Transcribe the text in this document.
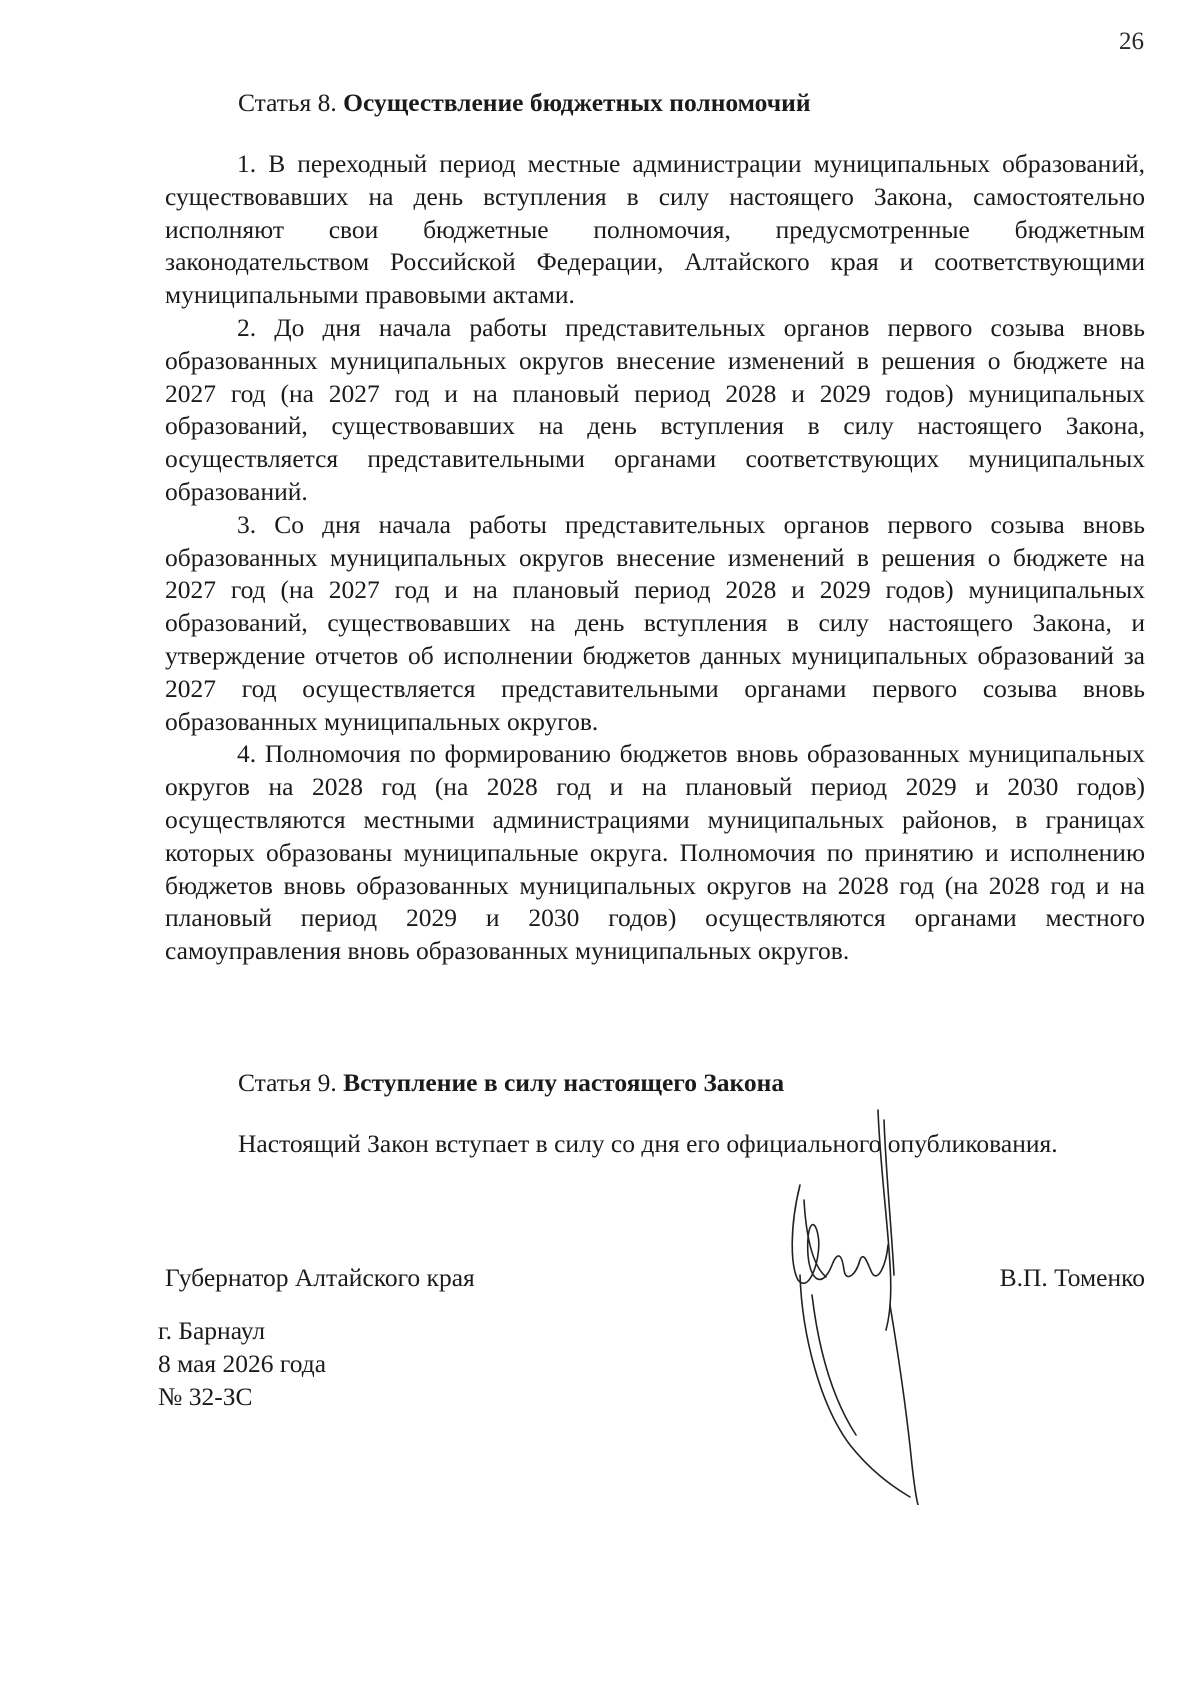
26
Статья 8. Осуществление бюджетных полномочий

1. В переходный период местные администрации муниципальных образований, существовавших на день вступления в силу настоящего Закона, самостоятельно исполняют свои бюджетные полномочия, предусмотренные бюджетным законодательством Российской Федерации, Алтайского края и соответствующими муниципальными правовыми актами.

2. До дня начала работы представительных органов первого созыва вновь образованных муниципальных округов внесение изменений в решения о бюджете на 2027 год (на 2027 год и на плановый период 2028 и 2029 годов) муниципальных образований, существовавших на день вступления в силу настоящего Закона, осуществляется представительными органами соответствующих муниципальных образований.

3. Со дня начала работы представительных органов первого созыва вновь образованных муниципальных округов внесение изменений в решения о бюджете на 2027 год (на 2027 год и на плановый период 2028 и 2029 годов) муниципальных образований, существовавших на день вступления в силу настоящего Закона, и утверждение отчетов об исполнении бюджетов данных муниципальных образований за 2027 год осуществляется представительными органами первого созыва вновь образованных муниципальных округов.

4. Полномочия по формированию бюджетов вновь образованных муниципальных округов на 2028 год (на 2028 год и на плановый период 2029 и 2030 годов) осуществляются местными администрациями муниципальных районов, в границах которых образованы муниципальные округа. Полномочия по принятию и исполнению бюджетов вновь образованных муниципальных округов на 2028 год (на 2028 год и на плановый период 2029 и 2030 годов) осуществляются органами местного самоуправления вновь образованных муниципальных округов.

Статья 9. Вступление в силу настоящего Закона
Настоящий Закон вступает в силу со дня его официального опубликования.
Губернатор Алтайского края	В.П. Томенко
г. Барнаул
8 мая 2026 года
№ 32-ЗС
